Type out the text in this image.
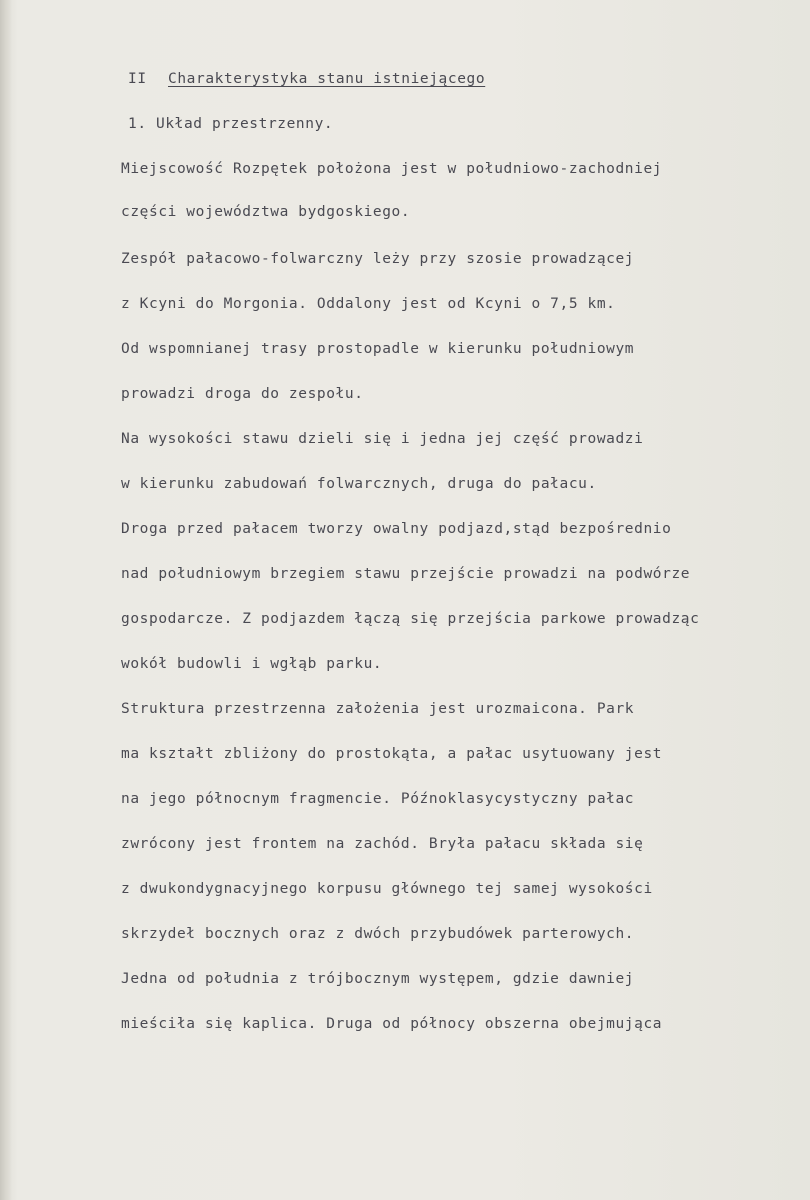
II Charakterystyka stanu istniejącego
1. Układ przestrzenny.
Miejscowość Rozpętek położona jest w południowo-zachodniej
części województwa bydgoskiego.
Zespół pałacowo-folwarczny leży przy szosie prowadzącej
z Kcyni do Morgonia. Oddalony jest od Kcyni o 7,5 km.
Od wspomnianej trasy prostopadle w kierunku południowym
prowadzi droga do zespołu.
Na wysokości stawu dzieli się i jedna jej część prowadzi
w kierunku zabudowań folwarcznych, druga do pałacu.
Droga przed pałacem tworzy owalny podjazd,stąd bezpośrednio
nad południowym brzegiem stawu przejście prowadzi na podwórze
gospodarcze. Z podjazdem łączą się przejścia parkowe prowadząc
wokół budowli i wgłąb parku.
Struktura przestrzenna założenia jest urozmaicona. Park
ma kształt zbliżony do prostokąta, a pałac usytuowany jest
na jego północnym fragmencie. Późnoklasycystyczny pałac
zwrócony jest frontem na zachód. Bryła pałacu składa się
z dwukondygnacyjnego korpusu głównego tej samej wysokości
skrzydeł bocznych oraz z dwóch przybudówek parterowych.
Jedna od południa z trójbocznym występem, gdzie dawniej
mieściła się kaplica. Druga od północy obszerna obejmująca
